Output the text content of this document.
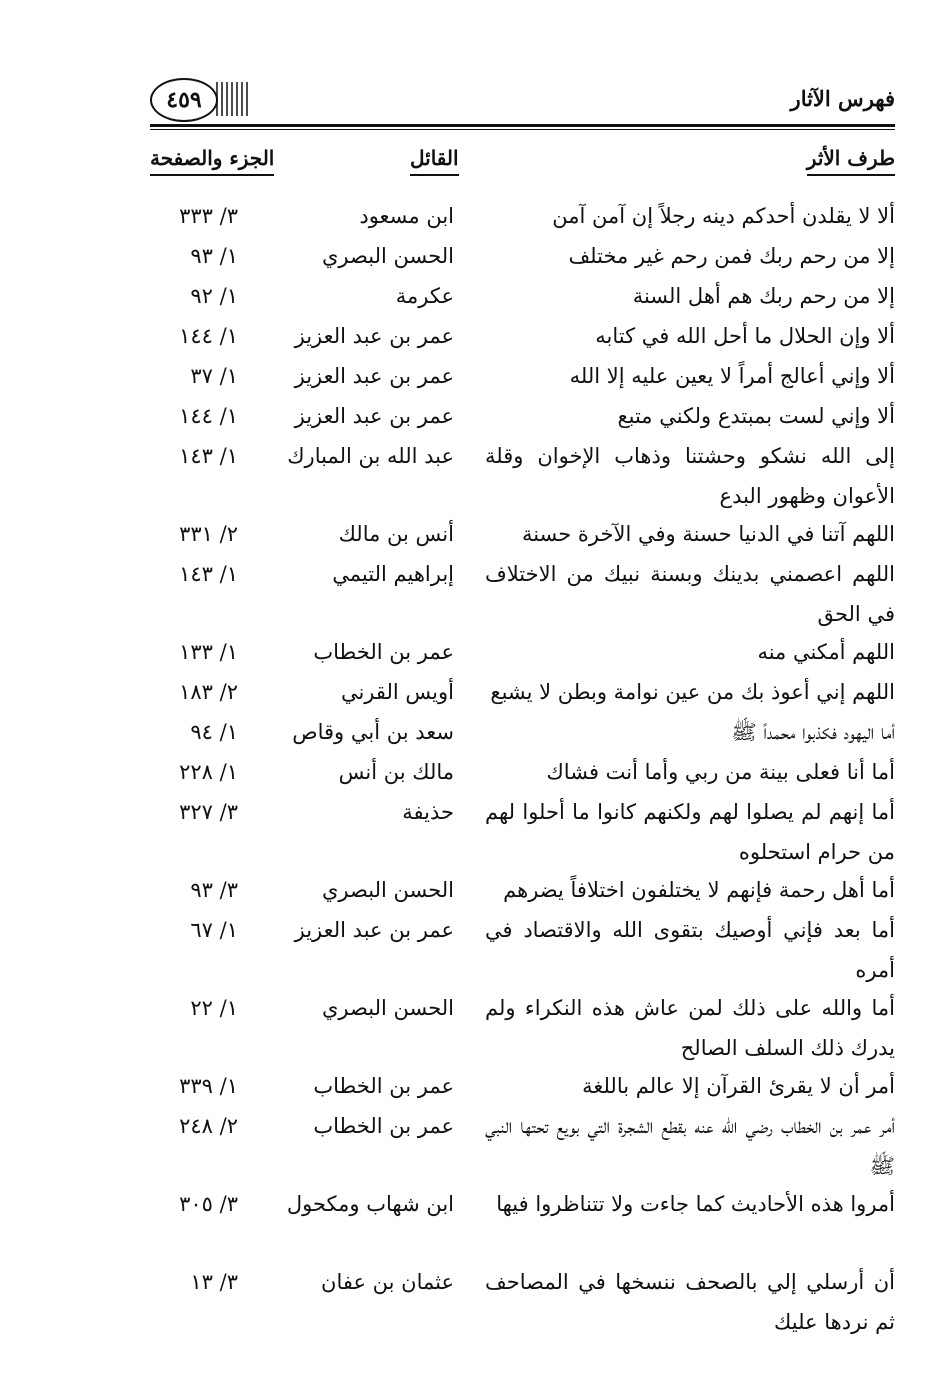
٤٥٩	فهرس الآثار
طرف الأثر
القائل
الجزء والصفحة
ألا لا يقلدن أحدكم دينه رجلاً إن آمن آمن
ابن مسعود
٣/ ٣٣٣
إلا من رحم ربك فمن رحم غير مختلف
الحسن البصري
١/ ٩٣
إلا من رحم ربك هم أهل السنة
عكرمة
١/ ٩٢
ألا وإن الحلال ما أحل الله في كتابه
عمر بن عبد العزيز
١/ ١٤٤
ألا وإني أعالج أمراً لا يعين عليه إلا الله
عمر بن عبد العزيز
١/ ٣٧
ألا وإني لست بمبتدع ولكني متبع
عمر بن عبد العزيز
١/ ١٤٤
إلى الله نشكو وحشتنا وذهاب الإخوان وقلة الأعوان وظهور البدع
عبد الله بن المبارك
١/ ١٤٣
اللهم آتنا في الدنيا حسنة وفي الآخرة حسنة
أنس بن مالك
٢/ ٣٣١
اللهم اعصمني بدينك وبسنة نبيك من الاختلاف في الحق
إبراهيم التيمي
١/ ١٤٣
اللهم أمكني منه
عمر بن الخطاب
١/ ١٣٣
اللهم إني أعوذ بك من عين نوامة وبطن لا يشبع
أويس القرني
٢/ ١٨٣
أما اليهود فكذبوا محمداً ﷺ
سعد بن أبي وقاص
١/ ٩٤
أما أنا فعلى بينة من ربي وأما أنت فشاك
مالك بن أنس
١/ ٢٢٨
أما إنهم لم يصلوا لهم ولكنهم كانوا ما أحلوا لهم من حرام استحلوه
حذيفة
٣/ ٣٢٧
أما أهل رحمة فإنهم لا يختلفون اختلافاً يضرهم
الحسن البصري
٣/ ٩٣
أما بعد فإني أوصيك بتقوى الله والاقتصاد في أمره
عمر بن عبد العزيز
١/ ٦٧
أما والله على ذلك لمن عاش هذه النكراء ولم يدرك ذلك السلف الصالح
الحسن البصري
١/ ٢٢
أمر أن لا يقرئ القرآن إلا عالم باللغة
عمر بن الخطاب
١/ ٣٣٩
أمر عمر بن الخطاب رضي الله عنه بقطع الشجرة التي بويع تحتها النبي ﷺ
عمر بن الخطاب
٢/ ٢٤٨
أمروا هذه الأحاديث كما جاءت ولا تتناظروا فيها
ابن شهاب ومكحول
٣/ ٣٠٥
أن أرسلي إلي بالصحف ننسخها في المصاحف ثم نردها عليك
عثمان بن عفان
٣/ ١٣
